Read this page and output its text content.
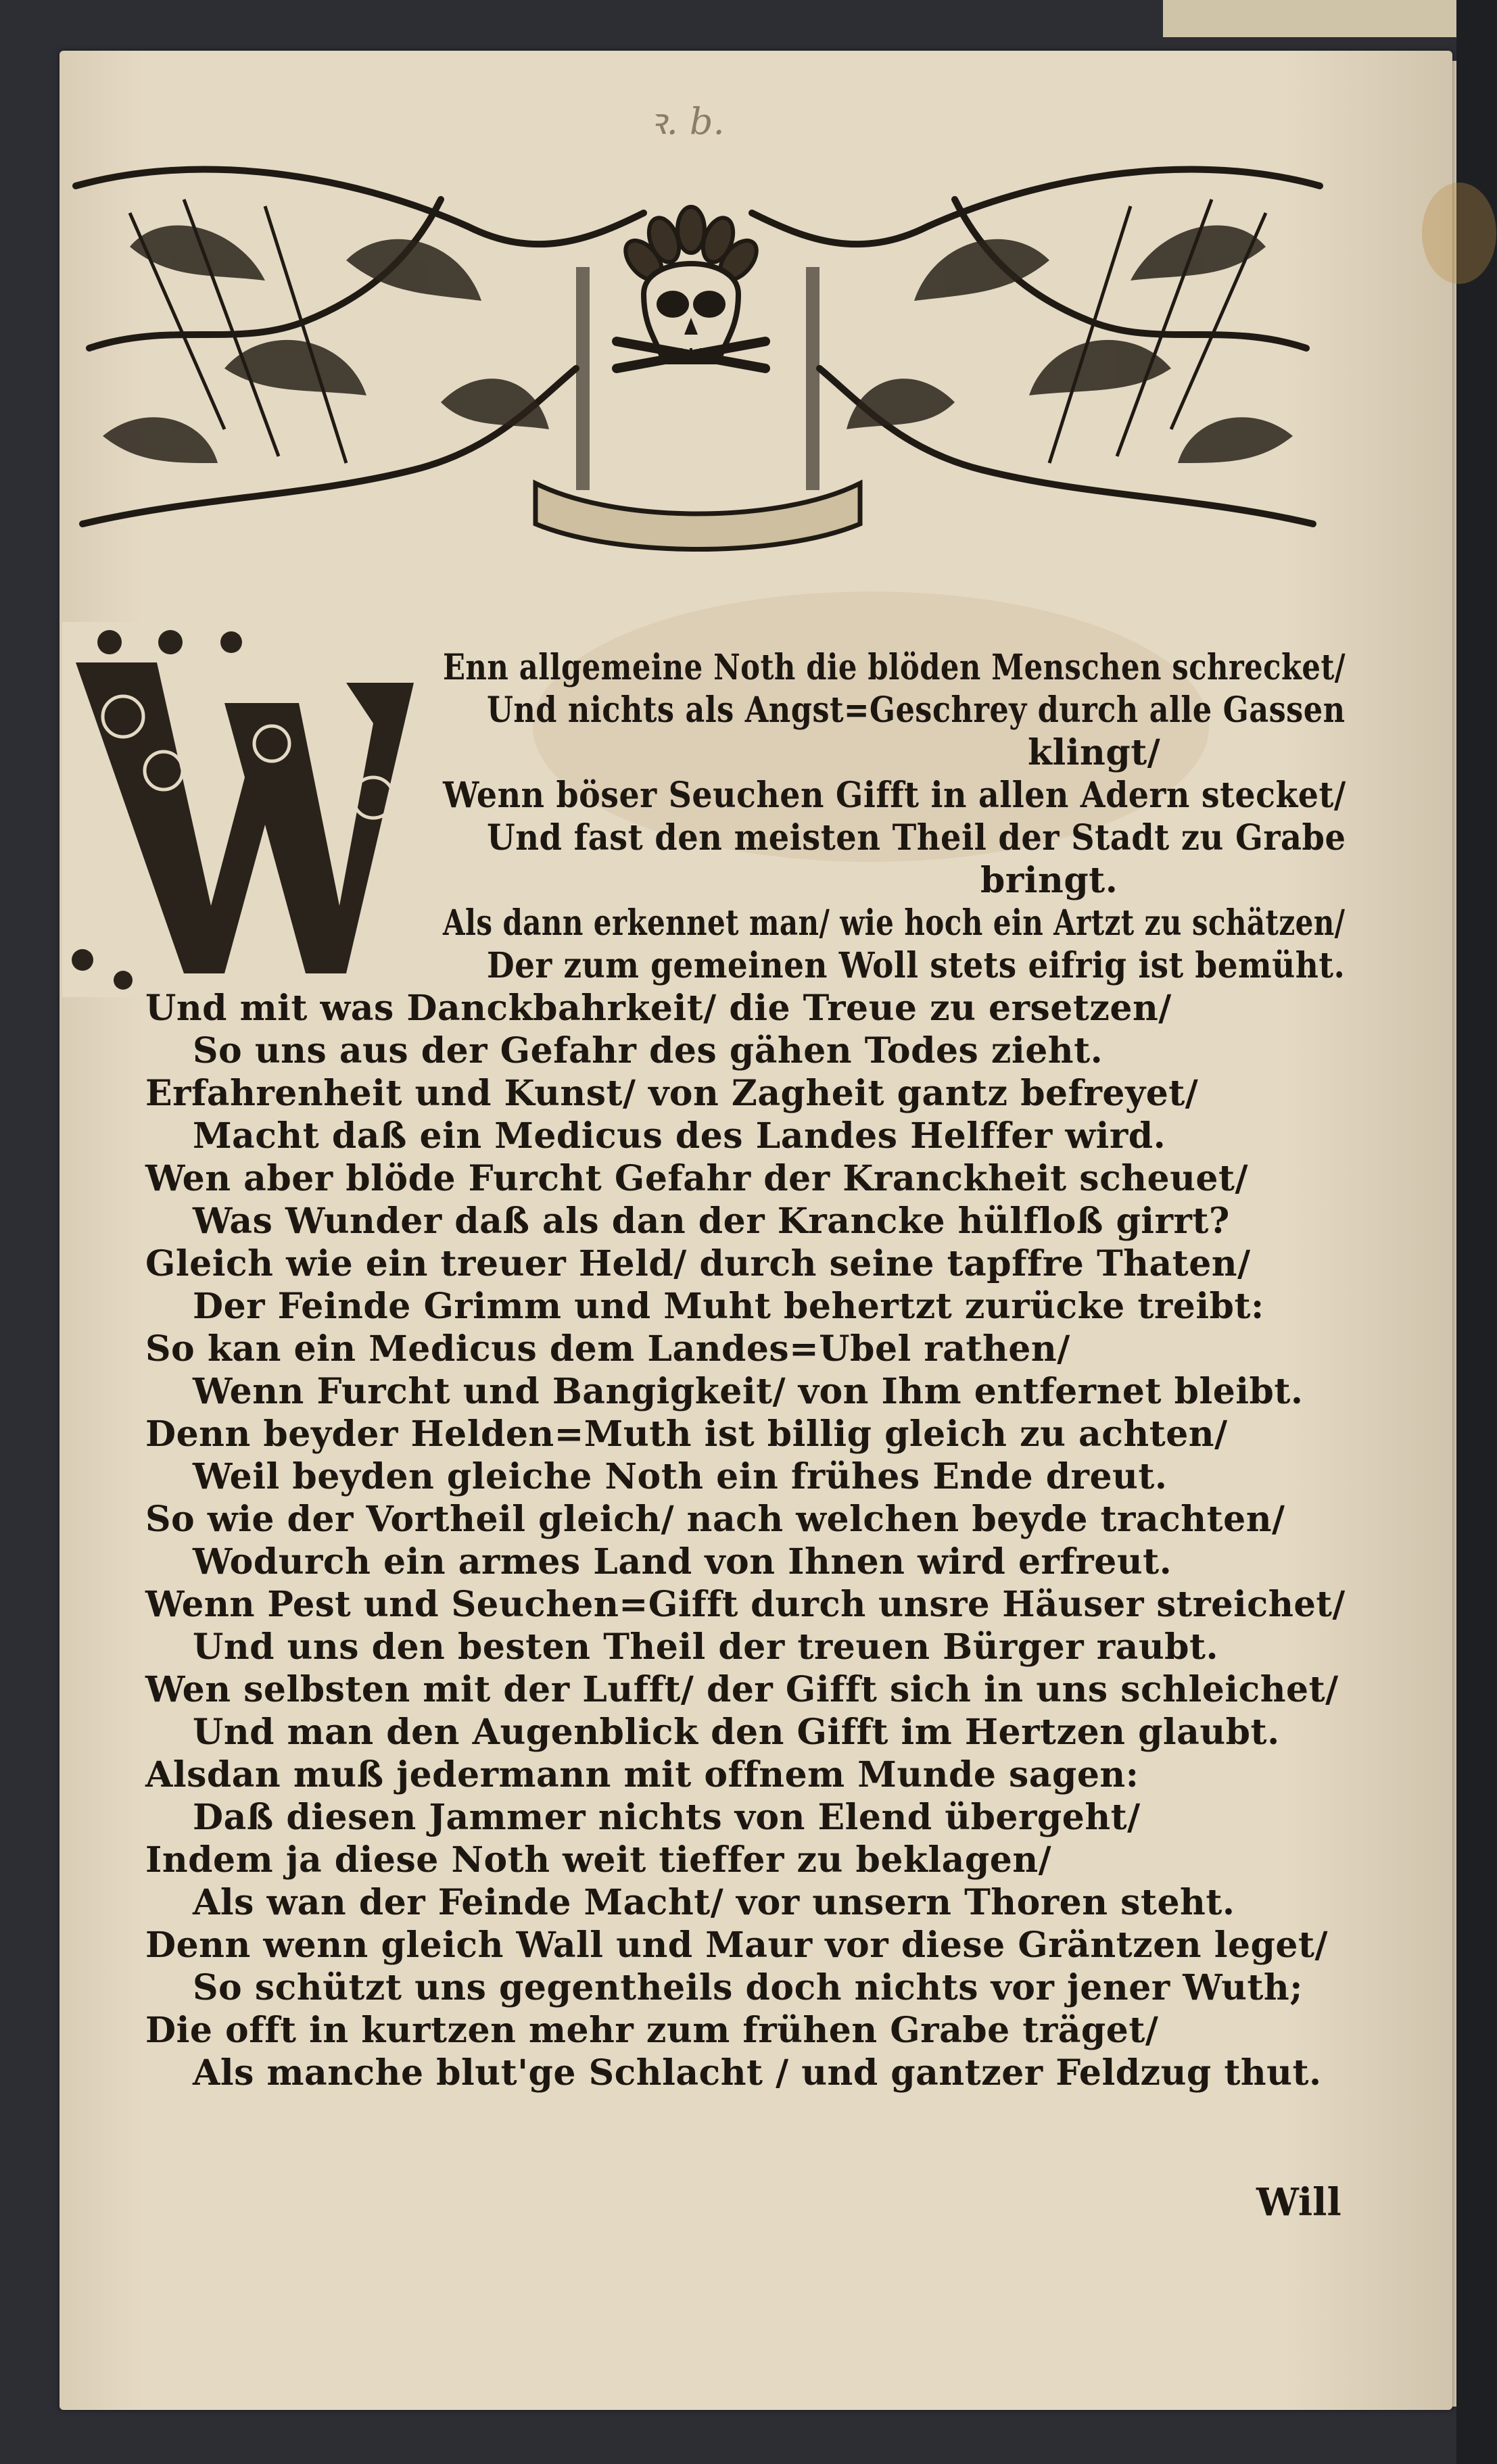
ꝛ. b.
Enn allgemeine Noth die blöden Menschen schrecket/
Und nichts als Angst=Geschrey durch alle Gassen
klingt/
Wenn böser Seuchen Gifft in allen Adern stecket/
Und fast den meisten Theil der Stadt zu Grabe
bringt.
Als dann erkennet man/ wie hoch ein Artzt zu schätzen/
Der zum gemeinen Woll stets eifrig ist bemüht.
Und mit was Danckbahrkeit/ die Treue zu ersetzen/
So uns aus der Gefahr des gähen Todes zieht.
Erfahrenheit und Kunst/ von Zagheit gantz befreyet/
Macht daß ein Medicus des Landes Helffer wird.
Wen aber blöde Furcht Gefahr der Kranckheit scheuet/
Was Wunder daß als dan der Krancke hülfloß girrt?
Gleich wie ein treuer Held/ durch seine tapffre Thaten/
Der Feinde Grimm und Muht behertzt zurücke treibt:
So kan ein Medicus dem Landes=Ubel rathen/
Wenn Furcht und Bangigkeit/ von Ihm entfernet bleibt.
Denn beyder Helden=Muth ist billig gleich zu achten/
Weil beyden gleiche Noth ein frühes Ende dreut.
So wie der Vortheil gleich/ nach welchen beyde trachten/
Wodurch ein armes Land von Ihnen wird erfreut.
Wenn Pest und Seuchen=Gifft durch unsre Häuser streichet/
Und uns den besten Theil der treuen Bürger raubt.
Wen selbsten mit der Lufft/ der Gifft sich in uns schleichet/
Und man den Augenblick den Gifft im Hertzen glaubt.
Alsdan muß jedermann mit offnem Munde sagen:
Daß diesen Jammer nichts von Elend übergeht/
Indem ja diese Noth weit tieffer zu beklagen/
Als wan der Feinde Macht/ vor unsern Thoren steht.
Denn wenn gleich Wall und Maur vor diese Gräntzen leget/
So schützt uns gegentheils doch nichts vor jener Wuth;
Die offt in kurtzen mehr zum frühen Grabe träget/
Als manche blut'ge Schlacht / und gantzer Feldzug thut.
Will
